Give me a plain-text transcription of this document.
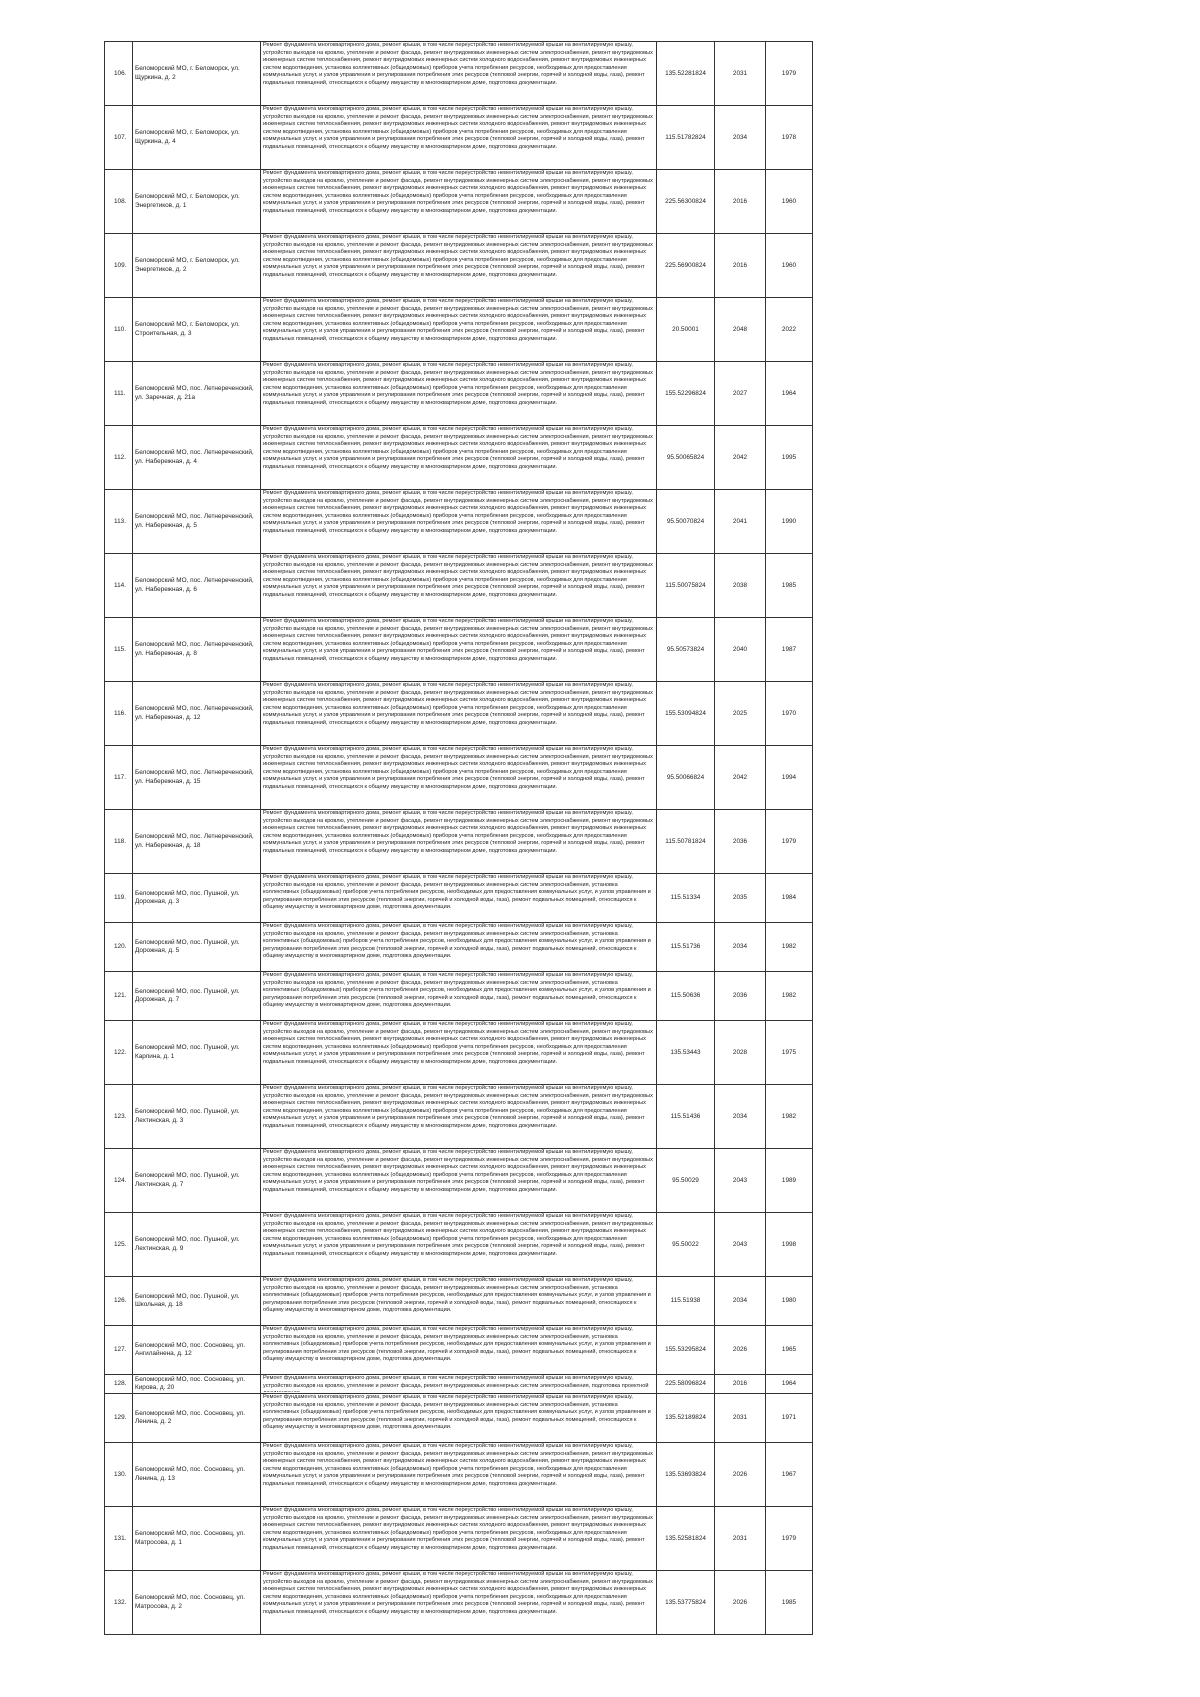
106.	Беломорский МО, г. Беломорск, ул. Щуркина, д. 2	Ремонт фундамента многоквартирного дома, ремонт крыши, в том числе переустройство невентилируемой крыши на вентилируемую крышу, устройство выходов на кровлю, утепление и ремонт фасада, ремонт внутридомовых инженерных систем электроснабжения, ремонт внутридомовых инженерных систем теплоснабжения, ремонт внутридомовых инженерных систем холодного водоснабжения, ремонт внутридомовых инженерных систем водоотведения, установка коллективных (общедомовых) приборов учета потребления ресурсов, необходимых для предоставления коммунальных услуг, и узлов управления и регулирования потребления этих ресурсов (тепловой энергии, горячей и холодной воды, газа), ремонт подвальных помещений, относящихся к общему имуществу в многоквартирном доме, подготовка документации.	135.52281824	2031	1979
107.	Беломорский МО, г. Беломорск, ул. Щуркина, д. 4	Ремонт фундамента многоквартирного дома, ремонт крыши, в том числе переустройство невентилируемой крыши на вентилируемую крышу, устройство выходов на кровлю, утепление и ремонт фасада, ремонт внутридомовых инженерных систем электроснабжения, ремонт внутридомовых инженерных систем теплоснабжения, ремонт внутридомовых инженерных систем холодного водоснабжения, ремонт внутридомовых инженерных систем водоотведения, установка коллективных (общедомовых) приборов учета потребления ресурсов, необходимых для предоставления коммунальных услуг, и узлов управления и регулирования потребления этих ресурсов (тепловой энергии, горячей и холодной воды, газа), ремонт подвальных помещений, относящихся к общему имуществу в многоквартирном доме, подготовка документации.	115.51782824	2034	1978
108.	Беломорский МО, г. Беломорск, ул. Энергетиков, д. 1	Ремонт фундамента многоквартирного дома, ремонт крыши, в том числе переустройство невентилируемой крыши на вентилируемую крышу, устройство выходов на кровлю, утепление и ремонт фасада, ремонт внутридомовых инженерных систем электроснабжения, ремонт внутридомовых инженерных систем теплоснабжения, ремонт внутридомовых инженерных систем холодного водоснабжения, ремонт внутридомовых инженерных систем водоотведения, установка коллективных (общедомовых) приборов учета потребления ресурсов, необходимых для предоставления коммунальных услуг, и узлов управления и регулирования потребления этих ресурсов (тепловой энергии, горячей и холодной воды, газа), ремонт подвальных помещений, относящихся к общему имуществу в многоквартирном доме, подготовка документации.	225.56300824	2016	1960
109.	Беломорский МО, г. Беломорск, ул. Энергетиков, д. 2	Ремонт фундамента многоквартирного дома, ремонт крыши, в том числе переустройство невентилируемой крыши на вентилируемую крышу, устройство выходов на кровлю, утепление и ремонт фасада, ремонт внутридомовых инженерных систем электроснабжения, ремонт внутридомовых инженерных систем теплоснабжения, ремонт внутридомовых инженерных систем холодного водоснабжения, ремонт внутридомовых инженерных систем водоотведения, установка коллективных (общедомовых) приборов учета потребления ресурсов, необходимых для предоставления коммунальных услуг, и узлов управления и регулирования потребления этих ресурсов (тепловой энергии, горячей и холодной воды, газа), ремонт подвальных помещений, относящихся к общему имуществу в многоквартирном доме, подготовка документации.	225.56900824	2016	1960
110.	Беломорский МО, г. Беломорск, ул. Строительная, д. 3	Ремонт фундамента многоквартирного дома, ремонт крыши, в том числе переустройство невентилируемой крыши на вентилируемую крышу, устройство выходов на кровлю, утепление и ремонт фасада, ремонт внутридомовых инженерных систем электроснабжения, ремонт внутридомовых инженерных систем теплоснабжения, ремонт внутридомовых инженерных систем холодного водоснабжения, ремонт внутридомовых инженерных систем водоотведения, установка коллективных (общедомовых) приборов учета потребления ресурсов, необходимых для предоставления коммунальных услуг, и узлов управления и регулирования потребления этих ресурсов (тепловой энергии, горячей и холодной воды, газа), ремонт подвальных помещений, относящихся к общему имуществу в многоквартирном доме, подготовка документации.	20.50001	2048	2022
111.	Беломорский МО, пос. Летнереченский, ул. Заречная, д. 21а	Ремонт фундамента многоквартирного дома, ремонт крыши, в том числе переустройство невентилируемой крыши на вентилируемую крышу, устройство выходов на кровлю, утепление и ремонт фасада, ремонт внутридомовых инженерных систем электроснабжения, ремонт внутридомовых инженерных систем теплоснабжения, ремонт внутридомовых инженерных систем холодного водоснабжения, ремонт внутридомовых инженерных систем водоотведения, установка коллективных (общедомовых) приборов учета потребления ресурсов, необходимых для предоставления коммунальных услуг, и узлов управления и регулирования потребления этих ресурсов (тепловой энергии, горячей и холодной воды, газа), ремонт подвальных помещений, относящихся к общему имуществу в многоквартирном доме, подготовка документации.	155.52296824	2027	1964
112.	Беломорский МО, пос. Летнереченский, ул. Набережная, д. 4	Ремонт фундамента многоквартирного дома, ремонт крыши, в том числе переустройство невентилируемой крыши на вентилируемую крышу, устройство выходов на кровлю, утепление и ремонт фасада, ремонт внутридомовых инженерных систем электроснабжения, ремонт внутридомовых инженерных систем теплоснабжения, ремонт внутридомовых инженерных систем холодного водоснабжения, ремонт внутридомовых инженерных систем водоотведения, установка коллективных (общедомовых) приборов учета потребления ресурсов, необходимых для предоставления коммунальных услуг, и узлов управления и регулирования потребления этих ресурсов (тепловой энергии, горячей и холодной воды, газа), ремонт подвальных помещений, относящихся к общему имуществу в многоквартирном доме, подготовка документации.	95.50065824	2042	1995
113.	Беломорский МО, пос. Летнереченский, ул. Набережная, д. 5	Ремонт фундамента многоквартирного дома, ремонт крыши, в том числе переустройство невентилируемой крыши на вентилируемую крышу, устройство выходов на кровлю, утепление и ремонт фасада, ремонт внутридомовых инженерных систем электроснабжения, ремонт внутридомовых инженерных систем теплоснабжения, ремонт внутридомовых инженерных систем холодного водоснабжения, ремонт внутридомовых инженерных систем водоотведения, установка коллективных (общедомовых) приборов учета потребления ресурсов, необходимых для предоставления коммунальных услуг, и узлов управления и регулирования потребления этих ресурсов (тепловой энергии, горячей и холодной воды, газа), ремонт подвальных помещений, относящихся к общему имуществу в многоквартирном доме, подготовка документации.	95.50070824	2041	1990
114.	Беломорский МО, пос. Летнереченский, ул. Набережная, д. 6	Ремонт фундамента многоквартирного дома, ремонт крыши, в том числе переустройство невентилируемой крыши на вентилируемую крышу, устройство выходов на кровлю, утепление и ремонт фасада, ремонт внутридомовых инженерных систем электроснабжения, ремонт внутридомовых инженерных систем теплоснабжения, ремонт внутридомовых инженерных систем холодного водоснабжения, ремонт внутридомовых инженерных систем водоотведения, установка коллективных (общедомовых) приборов учета потребления ресурсов, необходимых для предоставления коммунальных услуг, и узлов управления и регулирования потребления этих ресурсов (тепловой энергии, горячей и холодной воды, газа), ремонт подвальных помещений, относящихся к общему имуществу в многоквартирном доме, подготовка документации.	115.50075824	2038	1985
115.	Беломорский МО, пос. Летнереченский, ул. Набережная, д. 8	Ремонт фундамента многоквартирного дома, ремонт крыши, в том числе переустройство невентилируемой крыши на вентилируемую крышу, устройство выходов на кровлю, утепление и ремонт фасада, ремонт внутридомовых инженерных систем электроснабжения, ремонт внутридомовых инженерных систем теплоснабжения, ремонт внутридомовых инженерных систем холодного водоснабжения, ремонт внутридомовых инженерных систем водоотведения, установка коллективных (общедомовых) приборов учета потребления ресурсов, необходимых для предоставления коммунальных услуг, и узлов управления и регулирования потребления этих ресурсов (тепловой энергии, горячей и холодной воды, газа), ремонт подвальных помещений, относящихся к общему имуществу в многоквартирном доме, подготовка документации.	95.50573824	2040	1987
116.	Беломорский МО, пос. Летнереченский, ул. Набережная, д. 12	Ремонт фундамента многоквартирного дома, ремонт крыши, в том числе переустройство невентилируемой крыши на вентилируемую крышу, устройство выходов на кровлю, утепление и ремонт фасада, ремонт внутридомовых инженерных систем электроснабжения, ремонт внутридомовых инженерных систем теплоснабжения, ремонт внутридомовых инженерных систем холодного водоснабжения, ремонт внутридомовых инженерных систем водоотведения, установка коллективных (общедомовых) приборов учета потребления ресурсов, необходимых для предоставления коммунальных услуг, и узлов управления и регулирования потребления этих ресурсов (тепловой энергии, горячей и холодной воды, газа), ремонт подвальных помещений, относящихся к общему имуществу в многоквартирном доме, подготовка документации.	155.53094824	2025	1970
117.	Беломорский МО, пос. Летнереченский, ул. Набережная, д. 15	Ремонт фундамента многоквартирного дома, ремонт крыши, в том числе переустройство невентилируемой крыши на вентилируемую крышу, устройство выходов на кровлю, утепление и ремонт фасада, ремонт внутридомовых инженерных систем электроснабжения, ремонт внутридомовых инженерных систем теплоснабжения, ремонт внутридомовых инженерных систем холодного водоснабжения, ремонт внутридомовых инженерных систем водоотведения, установка коллективных (общедомовых) приборов учета потребления ресурсов, необходимых для предоставления коммунальных услуг, и узлов управления и регулирования потребления этих ресурсов (тепловой энергии, горячей и холодной воды, газа), ремонт подвальных помещений, относящихся к общему имуществу в многоквартирном доме, подготовка документации.	95.50066824	2042	1994
118.	Беломорский МО, пос. Летнереченский, ул. Набережная, д. 18	Ремонт фундамента многоквартирного дома, ремонт крыши, в том числе переустройство невентилируемой крыши на вентилируемую крышу, устройство выходов на кровлю, утепление и ремонт фасада, ремонт внутридомовых инженерных систем электроснабжения, ремонт внутридомовых инженерных систем теплоснабжения, ремонт внутридомовых инженерных систем холодного водоснабжения, ремонт внутридомовых инженерных систем водоотведения, установка коллективных (общедомовых) приборов учета потребления ресурсов, необходимых для предоставления коммунальных услуг, и узлов управления и регулирования потребления этих ресурсов (тепловой энергии, горячей и холодной воды, газа), ремонт подвальных помещений, относящихся к общему имуществу в многоквартирном доме, подготовка документации.	115.50781824	2036	1979
119.	Беломорский МО, пос. Пушной, ул. Дорожная, д. 3	Ремонт фундамента многоквартирного дома, ремонт крыши, в том числе переустройство невентилируемой крыши на вентилируемую крышу, устройство выходов на кровлю, утепление и ремонт фасада, ремонт внутридомовых инженерных систем электроснабжения, установка коллективных (общедомовых) приборов учета потребления ресурсов, необходимых для предоставления коммунальных услуг, и узлов управления и регулирования потребления этих ресурсов (тепловой энергии, горячей и холодной воды, газа), ремонт подвальных помещений, относящихся к общему имуществу в многоквартирном доме, подготовка документации.	115.51334	2035	1984
120.	Беломорский МО, пос. Пушной, ул. Дорожная, д. 5	Ремонт фундамента многоквартирного дома, ремонт крыши, в том числе переустройство невентилируемой крыши на вентилируемую крышу, устройство выходов на кровлю, утепление и ремонт фасада, ремонт внутридомовых инженерных систем электроснабжения, установка коллективных (общедомовых) приборов учета потребления ресурсов, необходимых для предоставления коммунальных услуг, и узлов управления и регулирования потребления этих ресурсов (тепловой энергии, горячей и холодной воды, газа), ремонт подвальных помещений, относящихся к общему имуществу в многоквартирном доме, подготовка документации.	115.51736	2034	1982
121.	Беломорский МО, пос. Пушной, ул. Дорожная, д. 7	Ремонт фундамента многоквартирного дома, ремонт крыши, в том числе переустройство невентилируемой крыши на вентилируемую крышу, устройство выходов на кровлю, утепление и ремонт фасада, ремонт внутридомовых инженерных систем электроснабжения, установка коллективных (общедомовых) приборов учета потребления ресурсов, необходимых для предоставления коммунальных услуг, и узлов управления и регулирования потребления этих ресурсов (тепловой энергии, горячей и холодной воды, газа), ремонт подвальных помещений, относящихся к общему имуществу в многоквартирном доме, подготовка документации.	115.50636	2036	1982
122.	Беломорский МО, пос. Пушной, ул. Карпина, д. 1	Ремонт фундамента многоквартирного дома, ремонт крыши, в том числе переустройство невентилируемой крыши на вентилируемую крышу, устройство выходов на кровлю, утепление и ремонт фасада, ремонт внутридомовых инженерных систем электроснабжения, ремонт внутридомовых инженерных систем теплоснабжения, ремонт внутридомовых инженерных систем холодного водоснабжения, ремонт внутридомовых инженерных систем водоотведения, установка коллективных (общедомовых) приборов учета потребления ресурсов, необходимых для предоставления коммунальных услуг, и узлов управления и регулирования потребления этих ресурсов (тепловой энергии, горячей и холодной воды, газа), ремонт подвальных помещений, относящихся к общему имуществу в многоквартирном доме, подготовка документации.	135.53443	2028	1975
123.	Беломорский МО, пос. Пушной, ул. Лехтинская, д. 3	Ремонт фундамента многоквартирного дома, ремонт крыши, в том числе переустройство невентилируемой крыши на вентилируемую крышу, устройство выходов на кровлю, утепление и ремонт фасада, ремонт внутридомовых инженерных систем электроснабжения, ремонт внутридомовых инженерных систем теплоснабжения, ремонт внутридомовых инженерных систем холодного водоснабжения, ремонт внутридомовых инженерных систем водоотведения, установка коллективных (общедомовых) приборов учета потребления ресурсов, необходимых для предоставления коммунальных услуг, и узлов управления и регулирования потребления этих ресурсов (тепловой энергии, горячей и холодной воды, газа), ремонт подвальных помещений, относящихся к общему имуществу в многоквартирном доме, подготовка документации.	115.51436	2034	1982
124.	Беломорский МО, пос. Пушной, ул. Лехтинская, д. 7	Ремонт фундамента многоквартирного дома, ремонт крыши, в том числе переустройство невентилируемой крыши на вентилируемую крышу, устройство выходов на кровлю, утепление и ремонт фасада, ремонт внутридомовых инженерных систем электроснабжения, ремонт внутридомовых инженерных систем теплоснабжения, ремонт внутридомовых инженерных систем холодного водоснабжения, ремонт внутридомовых инженерных систем водоотведения, установка коллективных (общедомовых) приборов учета потребления ресурсов, необходимых для предоставления коммунальных услуг, и узлов управления и регулирования потребления этих ресурсов (тепловой энергии, горячей и холодной воды, газа), ремонт подвальных помещений, относящихся к общему имуществу в многоквартирном доме, подготовка документации.	95.50029	2043	1989
125.	Беломорский МО, пос. Пушной, ул. Лехтинская, д. 9	Ремонт фундамента многоквартирного дома, ремонт крыши, в том числе переустройство невентилируемой крыши на вентилируемую крышу, устройство выходов на кровлю, утепление и ремонт фасада, ремонт внутридомовых инженерных систем электроснабжения, ремонт внутридомовых инженерных систем теплоснабжения, ремонт внутридомовых инженерных систем холодного водоснабжения, ремонт внутридомовых инженерных систем водоотведения, установка коллективных (общедомовых) приборов учета потребления ресурсов, необходимых для предоставления коммунальных услуг, и узлов управления и регулирования потребления этих ресурсов (тепловой энергии, горячей и холодной воды, газа), ремонт подвальных помещений, относящихся к общему имуществу в многоквартирном доме, подготовка документации.	95.50022	2043	1998
126.	Беломорский МО, пос. Пушной, ул. Школьная, д. 18	Ремонт фундамента многоквартирного дома, ремонт крыши, в том числе переустройство невентилируемой крыши на вентилируемую крышу, устройство выходов на кровлю, утепление и ремонт фасада, ремонт внутридомовых инженерных систем электроснабжения, установка коллективных (общедомовых) приборов учета потребления ресурсов, необходимых для предоставления коммунальных услуг, и узлов управления и регулирования потребления этих ресурсов (тепловой энергии, горячей и холодной воды, газа), ремонт подвальных помещений, относящихся к общему имуществу в многоквартирном доме, подготовка документации.	115.51938	2034	1980
127.	Беломорский МО, пос. Сосновец, ул. Ангилайнена, д. 12	Ремонт фундамента многоквартирного дома, ремонт крыши, в том числе переустройство невентилируемой крыши на вентилируемую крышу, устройство выходов на кровлю, утепление и ремонт фасада, ремонт внутридомовых инженерных систем электроснабжения, установка коллективных (общедомовых) приборов учета потребления ресурсов, необходимых для предоставления коммунальных услуг, и узлов управления и регулирования потребления этих ресурсов (тепловой энергии, горячей и холодной воды, газа), ремонт подвальных помещений, относящихся к общему имуществу в многоквартирном доме, подготовка документации.	155.53295824	2026	1965
128.	Беломорский МО, пос. Сосновец, ул. Кирова, д. 20	Ремонт фундамента многоквартирного дома, ремонт крыши, в том числе переустройство невентилируемой крыши на вентилируемую крышу, устройство выходов на кровлю, утепление и ремонт фасада, ремонт внутридомовых инженерных систем электроснабжения, подготовка проектной	225.58096824	2016	1964
129.	Беломорский МО, пос. Сосновец, ул. Ленина, д. 2	Ремонт фундамента многоквартирного дома, ремонт крыши, в том числе переустройство невентилируемой крыши на вентилируемую крышу, устройство выходов на кровлю, утепление и ремонт фасада, ремонт внутридомовых инженерных систем электроснабжения, установка коллективных (общедомовых) приборов учета потребления ресурсов, необходимых для предоставления коммунальных услуг, и узлов управления и регулирования потребления этих ресурсов (тепловой энергии, горячей и холодной воды, газа), ремонт подвальных помещений, относящихся к общему имуществу в многоквартирном доме, подготовка документации.	135.52189824	2031	1971
130.	Беломорский МО, пос. Сосновец, ул. Ленина, д. 13	Ремонт фундамента многоквартирного дома, ремонт крыши, в том числе переустройство невентилируемой крыши на вентилируемую крышу, устройство выходов на кровлю, утепление и ремонт фасада, ремонт внутридомовых инженерных систем электроснабжения, ремонт внутридомовых инженерных систем теплоснабжения, ремонт внутридомовых инженерных систем холодного водоснабжения, ремонт внутридомовых инженерных систем водоотведения, установка коллективных (общедомовых) приборов учета потребления ресурсов, необходимых для предоставления коммунальных услуг, и узлов управления и регулирования потребления этих ресурсов (тепловой энергии, горячей и холодной воды, газа), ремонт подвальных помещений, относящихся к общему имуществу в многоквартирном доме, подготовка документации.	135.53693824	2026	1967
131.	Беломорский МО, пос. Сосновец, ул. Матросова, д. 1	Ремонт фундамента многоквартирного дома, ремонт крыши, в том числе переустройство невентилируемой крыши на вентилируемую крышу, устройство выходов на кровлю, утепление и ремонт фасада, ремонт внутридомовых инженерных систем электроснабжения, ремонт внутридомовых инженерных систем теплоснабжения, ремонт внутридомовых инженерных систем холодного водоснабжения, ремонт внутридомовых инженерных систем водоотведения, установка коллективных (общедомовых) приборов учета потребления ресурсов, необходимых для предоставления коммунальных услуг, и узлов управления и регулирования потребления этих ресурсов (тепловой энергии, горячей и холодной воды, газа), ремонт подвальных помещений, относящихся к общему имуществу в многоквартирном доме, подготовка документации.	135.52581824	2031	1979
132.	Беломорский МО, пос. Сосновец, ул. Матросова, д. 2	Ремонт фундамента многоквартирного дома, ремонт крыши, в том числе переустройство невентилируемой крыши на вентилируемую крышу, устройство выходов на кровлю, утепление и ремонт фасада, ремонт внутридомовых инженерных систем электроснабжения, ремонт внутридомовых инженерных систем теплоснабжения, ремонт внутридомовых инженерных систем холодного водоснабжения, ремонт внутридомовых инженерных систем водоотведения, установка коллективных (общедомовых) приборов учета потребления ресурсов, необходимых для предоставления коммунальных услуг, и узлов управления и регулирования потребления этих ресурсов (тепловой энергии, горячей и холодной воды, газа), ремонт подвальных помещений, относящихся к общему имуществу в многоквартирном доме, подготовка документации.	135.53775824	2026	1985
